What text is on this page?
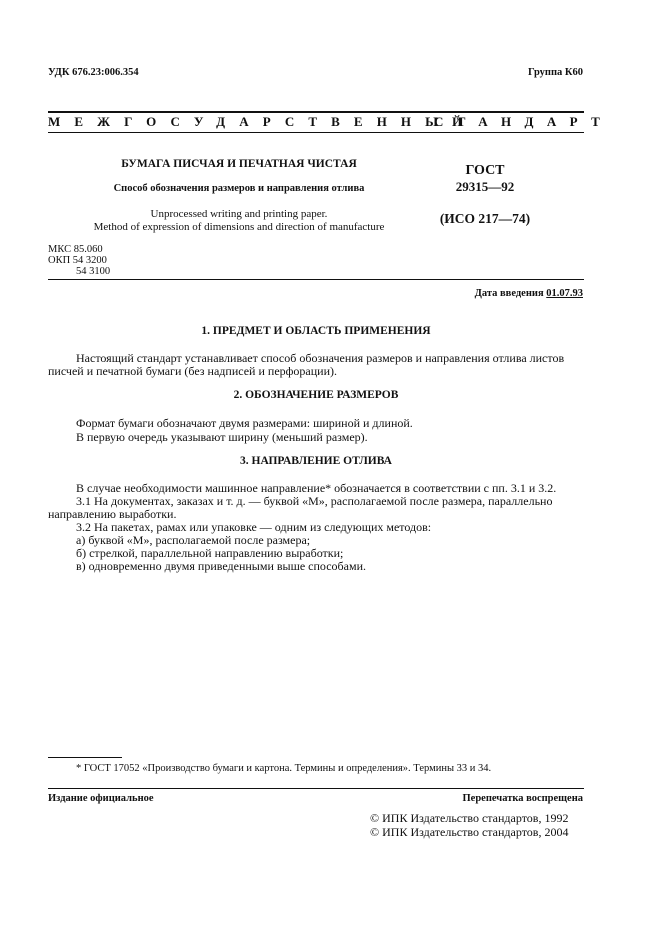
УДК 676.23:006.354	Группа К60
МЕЖГОСУДАРСТВЕННЫЙ
СТАНДАРТ
БУМАГА ПИСЧАЯ И ПЕЧАТНАЯ ЧИСТАЯ
Способ обозначения размеров и направления отлива
Unprocessed writing and printing paper.
Method of expression of dimensions and direction of manufacture
ГОСТ
29315—92
(ИСО 217—74)
МКС 85.060
ОКП 54 3200
54 3100
Дата введения 01.07.93
1. ПРЕДМЕТ И ОБЛАСТЬ ПРИМЕНЕНИЯ
Настоящий стандарт устанавливает способ обозначения размеров и направления отлива листов
писчей и печатной бумаги (без надписей и перфорации).
2. ОБОЗНАЧЕНИЕ РАЗМЕРОВ
Формат бумаги обозначают двумя размерами: шириной и длиной.
В первую очередь указывают ширину (меньший размер).
3. НАПРАВЛЕНИЕ ОТЛИВА
В случае необходимости машинное направление* обозначается в соответствии с пп. 3.1 и 3.2.
3.1 На документах, заказах и т. д. — буквой «М», располагаемой после размера, параллельно
направлению выработки.
3.2 На пакетах, рамах или упаковке — одним из следующих методов:
а) буквой «М», располагаемой после размера;
б) стрелкой, параллельной направлению выработки;
в) одновременно двумя приведенными выше способами.
* ГОСТ 17052 «Производство бумаги и картона. Термины и определения». Термины 33 и 34.
Издание официальное	Перепечатка воспрещена
© ИПК Издательство стандартов, 1992
© ИПК Издательство стандартов, 2004
